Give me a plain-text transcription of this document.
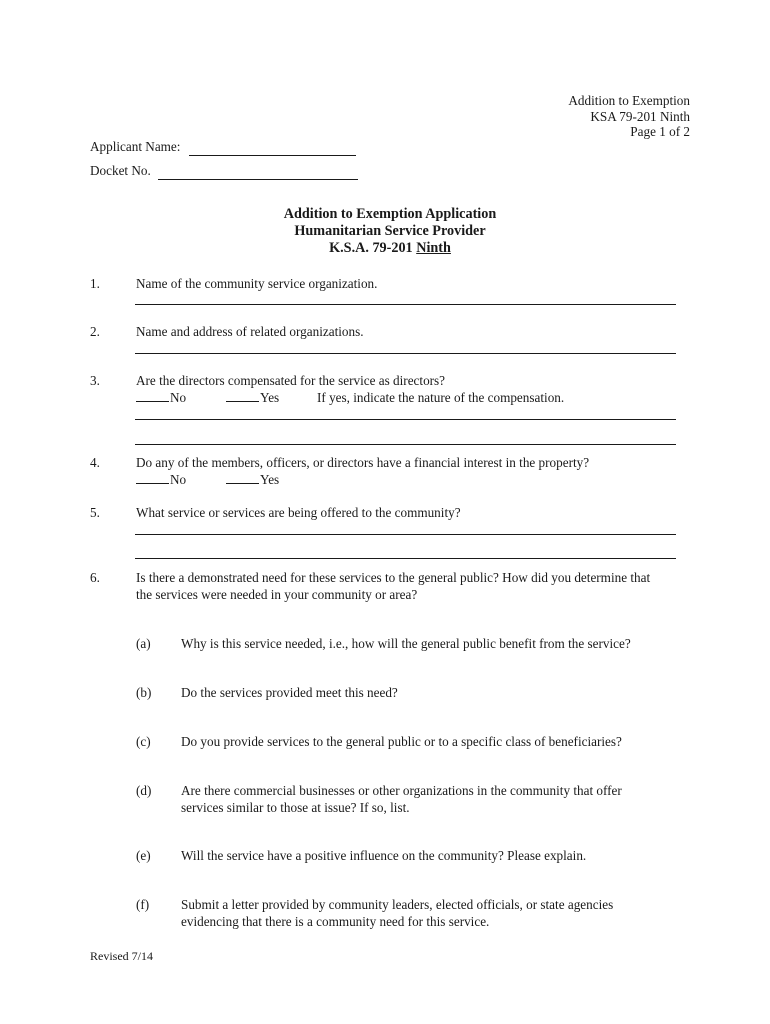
Addition to Exemption
KSA 79-201 Ninth
Page 1 of 2
Applicant Name:
Docket No.
Addition to Exemption Application
Humanitarian Service Provider
K.S.A. 79-201 Ninth
1.	Name of the community service organization.
2.	Name and address of related organizations.
3.	Are the directors compensated for the service as directors?
No	Yes	If yes, indicate the nature of the compensation.
4.	Do any of the members, officers, or directors have a financial interest in the property?
No	Yes
5.	What service or services are being offered to the community?
6.	Is there a demonstrated need for these services to the general public? How did you determine that
the services were needed in your community or area?
(a) Why is this service needed, i.e., how will the general public benefit from the service?
(b) Do the services provided meet this need?
(c) Do you provide services to the general public or to a specific class of beneficiaries?
(d) Are there commercial businesses or other organizations in the community that offer
services similar to those at issue? If so, list.
(e) Will the service have a positive influence on the community? Please explain.
(f) Submit a letter provided by community leaders, elected officials, or state agencies
evidencing that there is a community need for this service.
Revised 7/14
